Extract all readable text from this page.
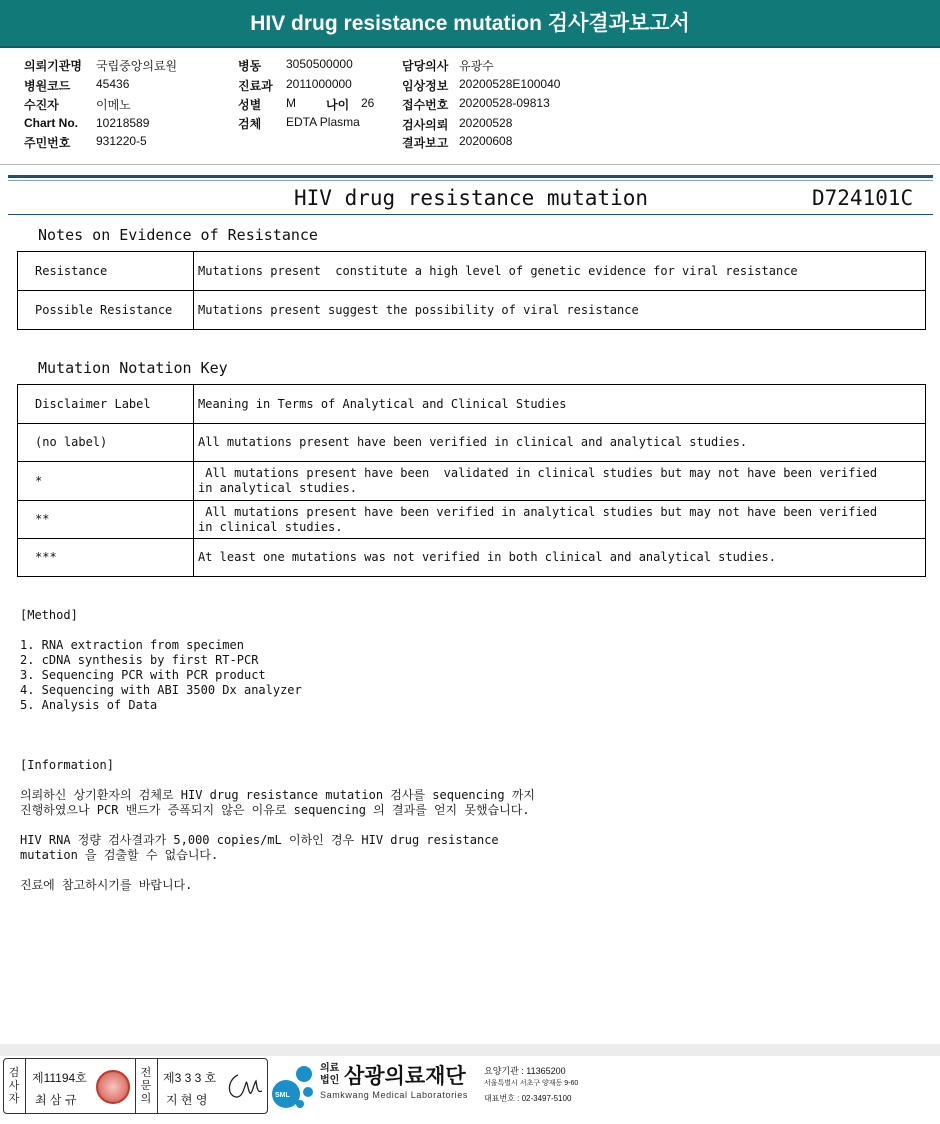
HIV drug resistance mutation 검사결과보고서
의뢰기관명 국립중앙의료원
병원코드 45436
수진자	이메노
Chart No. 10218589
주민번호 931220-5
병동 3050500000
진료과 2011000000
성별 M	나이 26
검체 EDTA Plasma
담당의사 유광수
임상정보 20200528E100040
접수번호 20200528-09813
검사의뢰 20200528
결과보고 20200608
HIV drug resistance mutation	D724101C
Notes on Evidence of Resistance
Resistance	Mutations present  constitute a high level of genetic evidence for viral resistance
Possible Resistance	Mutations present suggest the possibility of viral resistance
Mutation Notation Key
Disclaimer Label	Meaning in Terms of Analytical and Clinical Studies
(no label)	All mutations present have been verified in clinical and analytical studies.
*	All mutations present have been  validated in clinical studies but may not have been verified
in analytical studies.
**	All mutations present have been verified in analytical studies but may not have been verified
in clinical studies.
***	At least one mutations was not verified in both clinical and analytical studies.
[Method]
1. RNA extraction from specimen
2. cDNA synthesis by first RT-PCR
3. Sequencing PCR with PCR product
4. Sequencing with ABI 3500 Dx analyzer
5. Analysis of Data
[Information]
의뢰하신 상기환자의 검체로 HIV drug resistance mutation 검사를 sequencing 까지
진행하였으나 PCR 밴드가 증폭되지 않은 이유로 sequencing 의 결과를 얻지 못했습니다.
HIV RNA 정량 검사결과가 5,000 copies/mL 이하인 경우 HIV drug resistance
mutation 을 검출할 수 없습니다.
진료에 참고하시기를 바랍니다.
검
사
자
제11194호
최 삼 규
전
문
의
제3 3 3 호
지 현 영	SML
의료
법인 삼광의료재단
Samkwang Medical Laboratories
요양기관 : 11365200
서울특별시 서초구 양재동 9-60
대표번호 : 02-3497-5100
